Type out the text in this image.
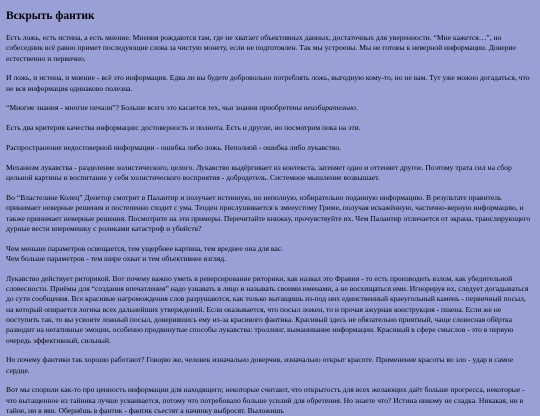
Вскрыть фантик

Есть ложь, есть истина, а есть мнение. Мнения рождаются там, где не хватает объективных данных, достаточных для уверенности. “Мне кажется…”, но собеседник всё равно примет последующие слова за чистую монету, если не подготовлен. Так мы устроены. Мы не готовы к неверной информации. Доверие естественно и первично.

И ложь, и истина, и мнение - всё это информация. Едва ли вы будете добровольно потреблять ложь, выгодную кому-то, но не вам. Тут уже можно догадаться, что не вся информация одинаково полезна.

“Многие знания - многие печали”? Больше всего это касается тех, чьи знания приобретены неизбирательно.

Есть два критерия качества информации: достоверность и полнота. Есть и другие, но посмотрим пока на эти.

Распространение недостоверной информации - ошибка либо ложь. Неполной - ошибка либо лукавство.

Механизм лукавства - разделение холистического, целого. Лукавство выдёргивает из контекста, затеняет одно и оттеняет другое. Поэтому трата сил на сбор цельной картины и воспитание у себя холистического восприятия - добродетель. Системное мышление возвышает.

Во “Властелине Колец” Денетор смотрит в Палантир и получает истинную, но неполную, избирательно поданную информацию. В результате правитель принимает неверные решения и постепенно сходит с ума. Теоден прислушивается к змееустому Гриме, получая искажённую, частично-верную информацию, и также принимает неверные решения. Посмотрите на эти примеры. Перечитайте книжку, прочувствуйте их. Чем Палантир отличается от экрана, транслирующего дурные вести вперемешку с роликами катастроф и убийств?

Чем меньше параметров освещается, тем ущербнее картина, тем вреднее она для вас.
Чем больше параметров - тем шире охват и тем объективнее взгляд.

Лукавство действует риторикой. Вот почему важно уметь в реверсирование риторики, как назвал это Фравия - то есть производить взлом, как убедительной словесности. Приёмы для “создания впечатления” надо узнавать в лицо и называть своими именами, а не восхищаться ими. Игнорируя их, следует догадываться до сути сообщения. Все красивые нагромождения слов разрушаются, как только вытащишь из-под них единственный краеугольный камень - первичный посыл, на который опирается логика всех дальнейших утверждений. Если оказывается, что посыл ложен, то и прочая ажурная конструкция - пшена. Если же не поступить так, то вы усвоите ложный посыл, доверившись ему из-за красивого фантика. Красивый здесь не обязательно приятный, чаще словесная обёртка разводит на негативные эмоции, особенно продвинутые способы лукавства: троллинг, выманивание информации. Красивый в сфере смыслов - это в первую очередь эффективный, сильный.

Но почему фантики так хорошо работают? Говорю же, человек изначально доверчив, изначально открыт красоте. Применение красоты во зло - удар в самое сердце.

Вот мы спорили как-то про ценность информации для находящего; некоторые считают, что открытость для всех желающих даёт больше прогресса, некоторые - что вытащенное из тайника лучше усваивается, потому что потребовало больше усилий для обретения. Но знаете что? Истина никому не сладка. Никакая, ни в тайне, ни в яви. Обернёшь в фантик - фантик съестят а начинку выбросят. Выложишь
